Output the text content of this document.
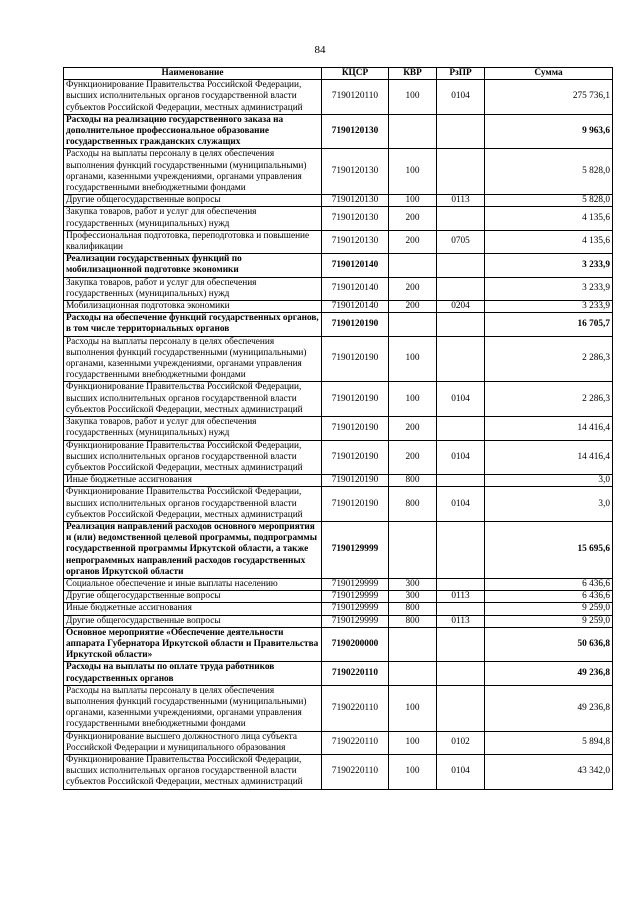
84
Наименование	КЦСР	КВР	РзПР	Сумма
Функционирование Правительства Российской Федерации, высших исполнительных органов государственной власти субъектов Российской Федерации, местных администраций	7190120110	100	0104	275 736,1
Расходы на реализацию государственного заказа на дополнительное профессиональное образование государственных гражданских служащих	7190120130			9 963,6
Расходы на выплаты персоналу в целях обеспечения выполнения функций государственными (муниципальными) органами, казенными учреждениями, органами управления государственными внебюджетными фондами	7190120130	100		5 828,0
Другие общегосударственные вопросы	7190120130	100	0113	5 828,0
Закупка товаров, работ и услуг для обеспечения государственных (муниципальных) нужд	7190120130	200		4 135,6
Профессиональная подготовка, переподготовка и повышение квалификации	7190120130	200	0705	4 135,6
Реализации государственных функций по мобилизационной подготовке экономики	7190120140			3 233,9
Закупка товаров, работ и услуг для обеспечения государственных (муниципальных) нужд	7190120140	200		3 233,9
Мобилизационная подготовка экономики	7190120140	200	0204	3 233,9
Расходы на обеспечение функций государственных органов, в том числе территориальных органов	7190120190			16 705,7
Расходы на выплаты персоналу в целях обеспечения выполнения функций государственными (муниципальными) органами, казенными учреждениями, органами управления государственными внебюджетными фондами	7190120190	100		2 286,3
Функционирование Правительства Российской Федерации, высших исполнительных органов государственной власти субъектов Российской Федерации, местных администраций	7190120190	100	0104	2 286,3
Закупка товаров, работ и услуг для обеспечения государственных (муниципальных) нужд	7190120190	200		14 416,4
Функционирование Правительства Российской Федерации, высших исполнительных органов государственной власти субъектов Российской Федерации, местных администраций	7190120190	200	0104	14 416,4
Иные бюджетные ассигнования	7190120190	800		3,0
Функционирование Правительства Российской Федерации, высших исполнительных органов государственной власти субъектов Российской Федерации, местных администраций	7190120190	800	0104	3,0
Реализация направлений расходов основного мероприятия и (или) ведомственной целевой программы, подпрограммы государственной программы Иркутской области, а также непрограммных направлений расходов государственных органов Иркутской области	7190129999			15 695,6
Социальное обеспечение и иные выплаты населению	7190129999	300		6 436,6
Другие общегосударственные вопросы	7190129999	300	0113	6 436,6
Иные бюджетные ассигнования	7190129999	800		9 259,0
Другие общегосударственные вопросы	7190129999	800	0113	9 259,0
Основное мероприятие «Обеспечение деятельности аппарата Губернатора Иркутской области и Правительства Иркутской области»	7190200000			50 636,8
Расходы на выплаты по оплате труда работников государственных органов	7190220110			49 236,8
Расходы на выплаты персоналу в целях обеспечения выполнения функций государственными (муниципальными) органами, казенными учреждениями, органами управления государственными внебюджетными фондами	7190220110	100		49 236,8
Функционирование высшего должностного лица субъекта Российской Федерации и муниципального образования	7190220110	100	0102	5 894,8
Функционирование Правительства Российской Федерации, высших исполнительных органов государственной власти субъектов Российской Федерации, местных администраций	7190220110	100	0104	43 342,0
